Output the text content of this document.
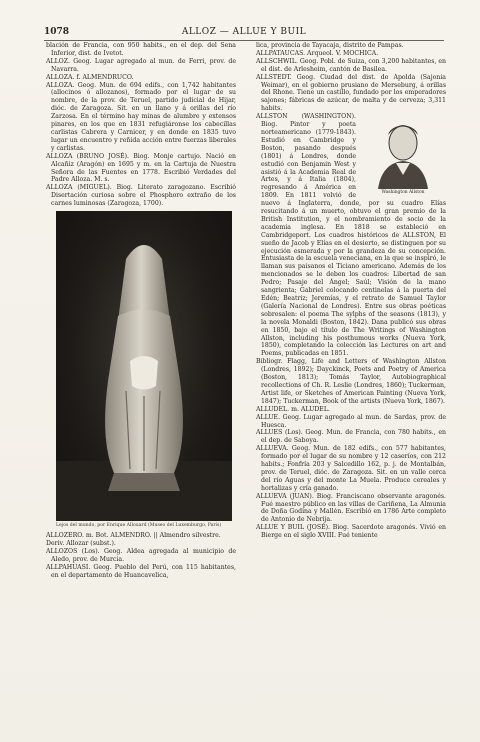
1078	ALLOZ — ALLUE Y BUIL

blación de Francia, con 950 habits., en el dep. del Sena Inferior, dist. de Ivetot.

ALLOZ. Geog. Lugar agregado al mun. de Ferri, prov. de Navarra.

ALLOZA. f. ALMENDRUCO.

ALLOZA. Geog. Mun. de 694 edifs., con 1,742 habitantes (allocinos ó allozanos), formado por el lugar de su nombre, de la prov. de Teruel, partido judicial de Hijar, dióc. de Zaragoza. Sit. en un llano y á orillas del río Zarzosa. En el término hay minas de alumbre y extensos pinares, en los que en 1831 refugiáronse los cabecillas carlistas Cabrera y Carnicer, y en donde en 1835 tuvo lugar un encuentro y reñida acción entre fuerzas liberales y carlistas.

ALLOZA (BRUNO JOSÉ). Biog. Monje cartujo. Nació en Alcañiz (Aragón) en 1695 y m. en la Cartuja de Nuestra Señora de las Fuentes en 1778. Escribió Verdades del Padre Alloza. M. s.

ALLOZA (MIGUEL). Biog. Literato zaragozano. Escribió Disertación curiosa sobre el Phosphoro extraño de los carnes luminosas (Zaragoza, 1700).

Lejos del mundo, por Enrique Allouard (Museo del Luxemburgo, París)

ALLOZERO. m. Bot. ALMENDRO. || Almendro silvestre.

Deriv. Allozar (subst.).

ALLOZOS (Los). Geog. Aldea agregada al municipio de Aledo, prov. de Murcia.

ALLPAHUASI. Geog. Pueblo del Perú, con 115 habitantes, en el departamento de Huancavelica,

lica, provincia de Tayacaja, distrito de Pampas.

ALLPATAUCAS. Arqueol. V. MOCHICA.

ALLSCHWIL. Geog. Pobl. de Suiza, con 3,200 habitantes, en el dist. de Arlesheim, cantón de Basilea.

ALLSTEDT. Geog. Ciudad del dist. de Apolda (Sajonia Weimar), en el gobierno prusiano de Merseburg, á orillas del Rhone. Tiene un castillo, fundado por los emperadores sajones; fábricas de azúcar, de malta y de cerveza; 3,311 habits.

Washington Allston

ALLSTON (WASHINGTON). Biog. Pintor y poeta norteamericano (1779-1843). Estudió en Cambridge y Boston, pasando después (1801) á Londres, donde estudió con Benjamin West y asistió á la Academia Real de Artes, y á Italia (1804), regresando á América en 1809. En 1811 volvió de nuevo á Inglaterra, donde, por su cuadro Elías resucitando á un muerto, obtuvo el gran premio de la British Institution, y el nombramiento de socio de la academia inglesa. En 1818 se estableció en Cambridgeport. Los cuadros históricos de ALLSTON, El sueño de Jacob y Elías en el desierto, se distinguen por su ejecución esmerada y por la grandeza de su concepción. Entusiasta de la escuela veneciana, en la que se inspiró, le llaman sus paisanos el Ticiano americano. Además de los mencionados se le deben los cuadros: Libertad de san Pedro; Pasaje del Ángel; Saúl; Visión de la mano sangrienta; Gabriel colocando centinelas á la puerta del Edén; Beatriz; Jeremías, y el retrato de Samuel Taylor (Galería Nacional de Londres). Entre sus obras poéticas sobresalen: el poema The sylphs of the seasons (1813), y la novela Monaldi (Boston, 1842). Dana publicó sus obras en 1850, bajo el título de The Writings of Washington Allston, including his posthumous works (Nueva York, 1850), completando la colección las Lectures on art and Poems, publicadas en 1851.

Bibliogr. Flagg, Life and Letters of Washington Allston (Londres, 1892); Dayckinck, Poets and Poetry of America (Boston, 1813); Tomás Taylor, Autobiographical recollections of Ch. R. Leslie (Londres, 1860); Tuckerman, Artist life, or Sketches of American Painting (Nueva York, 1847); Tuckerman, Book of the artists (Nueva York, 1867).

ALLUDEL. m. ALUDEL.

ALLUE. Geog. Lugar agregado al mun. de Sardas, prov. de Huesca.

ALLUES (Los). Geog. Mun. de Francia, con 780 habits., en el dep. de Saboya.

ALLUEVA. Geog. Mun. de 182 edifs., con 577 habitantes, formado por el lugar de su nombre y 12 caseríos, con 212 habits.; Fonfría 203 y Salcedillo 162, p. j. de Montalbán, prov. de Teruel, dióc. de Zaragoza. Sit. en un valle cerca del río Aguas y del monte La Muela. Produce cereales y hortalizas y cría ganado.

ALLUEVA (JUAN). Biog. Franciscano observante aragonés. Fué maestro público en las villas de Cariñena, La Almunia de Doña Godina y Mallén. Escribió en 1786 Arte completo de Antonio de Nebrija.

ALLUE Y BUIL (JOSÉ). Biog. Sacerdote aragonés. Vivió en Bierge en el siglo XVIII. Fué teniente
